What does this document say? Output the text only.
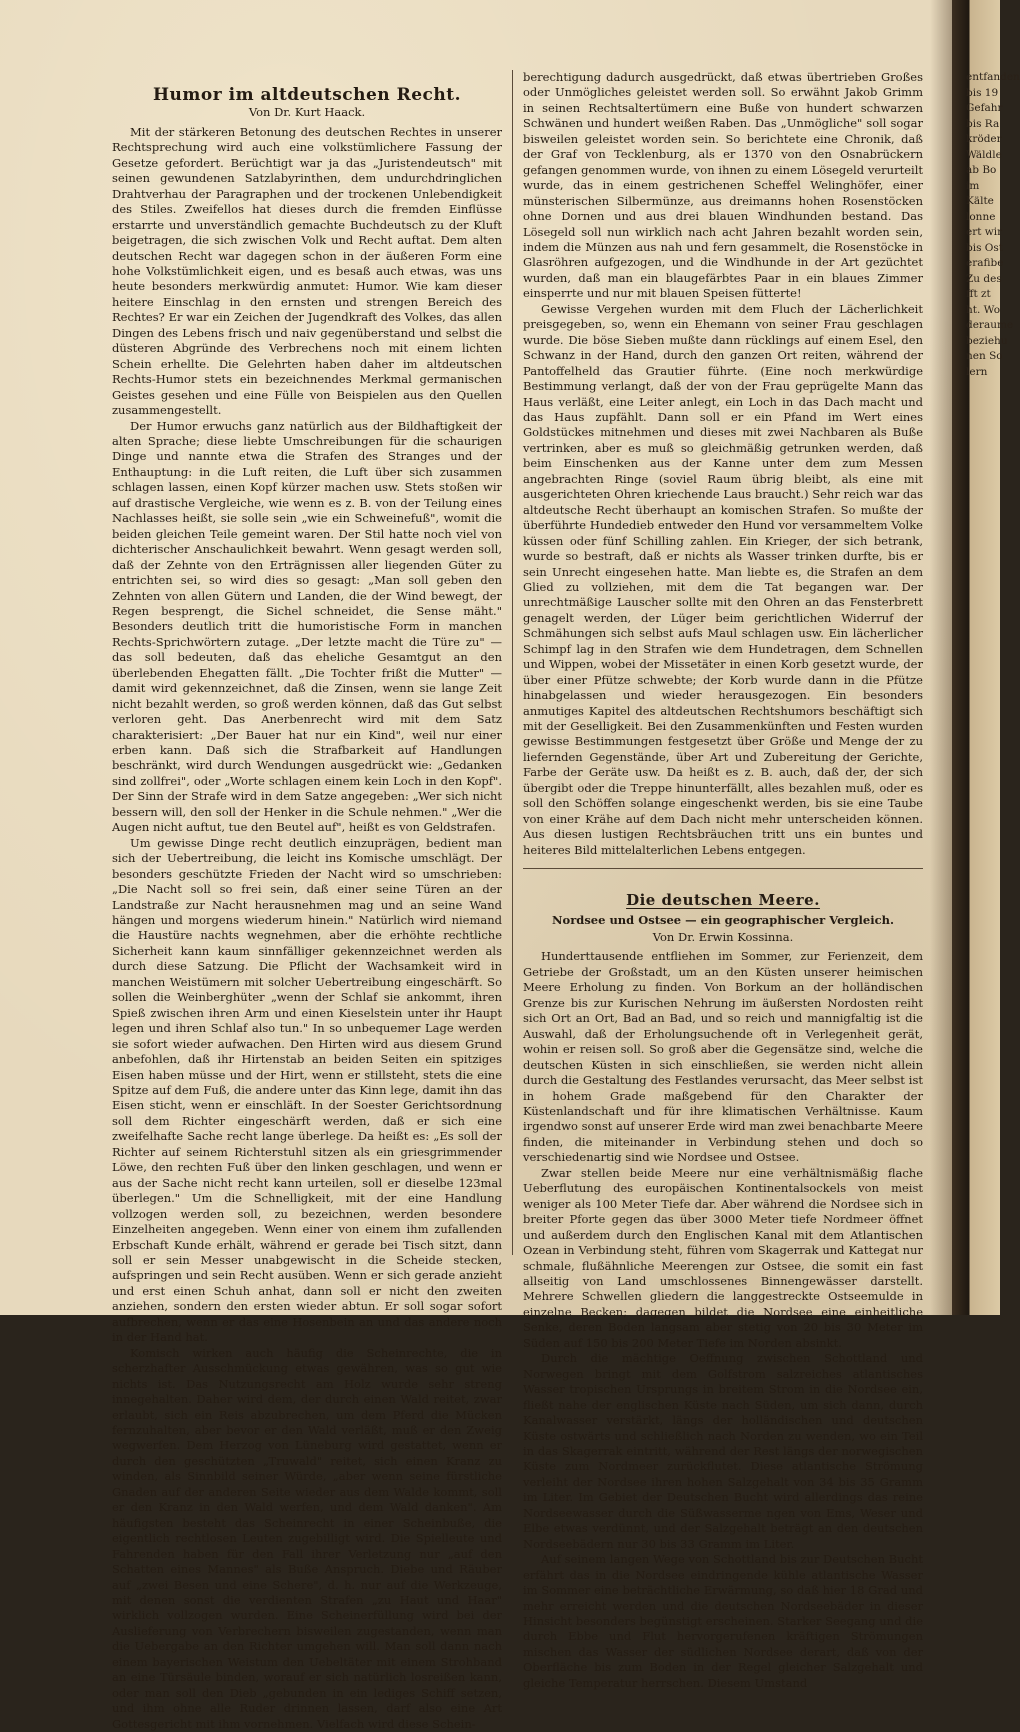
Humor im altdeutschen Recht.
Von Dr. Kurt Haack.

Mit der stärkeren Betonung des deutschen Rechtes in unserer Rechtsprechung wird auch eine volkstümlichere Fassung der Gesetze gefordert. Berüchtigt war ja das „Juristendeutsch" mit seinen gewundenen Satzlabyrinthen, dem undurchdringlichen Drahtverhau der Paragraphen und der trockenen Unlebendigkeit des Stiles. Zweifellos hat dieses durch die fremden Einflüsse erstarrte und unverständlich gemachte Buchdeutsch zu der Kluft beigetragen, die sich zwischen Volk und Recht auftat. Dem alten deutschen Recht war dagegen schon in der äußeren Form eine hohe Volkstümlichkeit eigen, und es besaß auch etwas, was uns heute besonders merkwürdig anmutet: Humor. Wie kam dieser heitere Einschlag in den ernsten und strengen Bereich des Rechtes? Er war ein Zeichen der Jugendkraft des Volkes, das allen Dingen des Lebens frisch und naiv gegenüberstand und selbst die düsteren Abgründe des Verbrechens noch mit einem lichten Schein erhellte. Die Gelehrten haben daher im altdeutschen Rechts-Humor stets ein bezeichnendes Merkmal germanischen Geistes gesehen und eine Fülle von Beispielen aus den Quellen zusammengestellt.

Der Humor erwuchs ganz natürlich aus der Bildhaftigkeit der alten Sprache; diese liebte Umschreibungen für die schaurigen Dinge und nannte etwa die Strafen des Stranges und der Enthauptung: in die Luft reiten, die Luft über sich zusammen schlagen lassen, einen Kopf kürzer machen usw. Stets stoßen wir auf drastische Vergleiche, wie wenn es z. B. von der Teilung eines Nachlasses heißt, sie solle sein „wie ein Schweinefuß", womit die beiden gleichen Teile gemeint waren. Der Stil hatte noch viel von dichterischer Anschaulichkeit bewahrt. Wenn gesagt werden soll, daß der Zehnte von den Erträgnissen aller liegenden Güter zu entrichten sei, so wird dies so gesagt: „Man soll geben den Zehnten von allen Gütern und Landen, die der Wind bewegt, der Regen besprengt, die Sichel schneidet, die Sense mäht." Besonders deutlich tritt die humoristische Form in manchen Rechts-Sprichwörtern zutage. „Der letzte macht die Türe zu" — das soll bedeuten, daß das eheliche Gesamtgut an den überlebenden Ehegatten fällt. „Die Tochter frißt die Mutter" — damit wird gekennzeichnet, daß die Zinsen, wenn sie lange Zeit nicht bezahlt werden, so groß werden können, daß das Gut selbst verloren geht. Das Anerbenrecht wird mit dem Satz charakterisiert: „Der Bauer hat nur ein Kind", weil nur einer erben kann. Daß sich die Strafbarkeit auf Handlungen beschränkt, wird durch Wendungen ausgedrückt wie: „Gedanken sind zollfrei", oder „Worte schlagen einem kein Loch in den Kopf". Der Sinn der Strafe wird in dem Satze angegeben: „Wer sich nicht bessern will, den soll der Henker in die Schule nehmen." „Wer die Augen nicht auftut, tue den Beutel auf", heißt es von Geldstrafen.

Um gewisse Dinge recht deutlich einzuprägen, bedient man sich der Uebertreibung, die leicht ins Komische umschlägt. Der besonders geschützte Frieden der Nacht wird so umschrieben: „Die Nacht soll so frei sein, daß einer seine Türen an der Landstraße zur Nacht herausnehmen mag und an seine Wand hängen und morgens wiederum hinein." Natürlich wird niemand die Haustüre nachts wegnehmen, aber die erhöhte rechtliche Sicherheit kann kaum sinnfälliger gekennzeichnet werden als durch diese Satzung. Die Pflicht der Wachsamkeit wird in manchen Weistümern mit solcher Uebertreibung eingeschärft. So sollen die Weinberghüter „wenn der Schlaf sie ankommt, ihren Spieß zwischen ihren Arm und einen Kieselstein unter ihr Haupt legen und ihren Schlaf also tun." In so unbequemer Lage werden sie sofort wieder aufwachen. Den Hirten wird aus diesem Grund anbefohlen, daß ihr Hirtenstab an beiden Seiten ein spitziges Eisen haben müsse und der Hirt, wenn er stillsteht, stets die eine Spitze auf dem Fuß, die andere unter das Kinn lege, damit ihn das Eisen sticht, wenn er einschläft. In der Soester Gerichtsordnung soll dem Richter eingeschärft werden, daß er sich eine zweifelhafte Sache recht lange überlege. Da heißt es: „Es soll der Richter auf seinem Richterstuhl sitzen als ein griesgrimmender Löwe, den rechten Fuß über den linken geschlagen, und wenn er aus der Sache nicht recht kann urteilen, soll er dieselbe 123mal überlegen." Um die Schnelligkeit, mit der eine Handlung vollzogen werden soll, zu bezeichnen, werden besondere Einzelheiten angegeben. Wenn einer von einem ihm zufallenden Erbschaft Kunde erhält, während er gerade bei Tisch sitzt, dann soll er sein Messer unabgewischt in die Scheide stecken, aufspringen und sein Recht ausüben. Wenn er sich gerade anzieht und erst einen Schuh anhat, dann soll er nicht den zweiten anziehen, sondern den ersten wieder abtun. Er soll sogar sofort aufbrechen, wenn er das eine Hosenbein an und das andere noch in der Hand hat.

Komisch wirken auch häufig die Scheinrechte, die in scherzhafter Ausschmückung etwas gewähren, was so gut wie nichts ist. Das Nutzungsrecht am Holz wurde sehr streng innegehalten. Daher wird dem, der durch einen Wald reitet, zwar erlaubt, sich ein Reis abzubrechen, um dem Pferd die Mücken fernzuhalten, aber bevor er den Wald verläßt, muß er den Zweig wegwerfen. Dem Herzog von Lüneburg wird gestattet, wenn er durch den geschützten „Truwald" reitet, sich einen Kranz zu winden, als Sinnbild seiner Würde, „aber wenn seine fürstliche Gnaden auf der anderen Seite wieder aus dem Walde kommt, soll er den Kranz in den Wald werfen, und dem Wald danken". Am häufigsten besteht das Scheinrecht in einer Scheinbuße, die eigentlich rechtlosen Leuten zugebilligt wird. Die Spielleute und Fahrenden haben für den Fall ihrer Verletzung nur „auf den Schatten eines Mannes" als Buße Anspruch. Diebe und Räuber auf „zwei Besen und eine Schere", d. h. nur auf die Werkzeuge, mit denen sonst die verdienten Strafen „zu Haut und Haar" wirklich vollzogen wurden. Eine Scheinerfüllung wird bei der Auslieferung von Verbrechern bisweilen zugestanden, wenn man die Uebergabe an den Richter umgehen will. Man soll dann nach einem bayerischen Weistum den Uebeltäter mit einem Strohband an eine Türsäule binden, worauf er sich natürlich losreißen kann, oder man soll den Dieb „gebunden in ein lediges Schiff setzen, und ihm ohne alle Ruder drinnen lassen, darf also eine Art Gottesgericht mit ihm vornehmen. Vielfach wird diese Schein-

berechtigung dadurch ausgedrückt, daß etwas übertrieben Großes oder Unmögliches geleistet werden soll. So erwähnt Jakob Grimm in seinen Rechtsaltertümern eine Buße von hundert schwarzen Schwänen und hundert weißen Raben. Das „Unmögliche" soll sogar bisweilen geleistet worden sein. So berichtete eine Chronik, daß der Graf von Tecklenburg, als er 1370 von den Osnabrückern gefangen genommen wurde, von ihnen zu einem Lösegeld verurteilt wurde, das in einem gestrichenen Scheffel Welinghöfer, einer münsterischen Silbermünze, aus dreimanns hohen Rosenstöcken ohne Dornen und aus drei blauen Windhunden bestand. Das Lösegeld soll nun wirklich nach acht Jahren bezahlt worden sein, indem die Münzen aus nah und fern gesammelt, die Rosenstöcke in Glasröhren aufgezogen, und die Windhunde in der Art gezüchtet wurden, daß man ein blaugefärbtes Paar in ein blaues Zimmer einsperrte und nur mit blauen Speisen fütterte!

Gewisse Vergehen wurden mit dem Fluch der Lächerlichkeit preisgegeben, so, wenn ein Ehemann von seiner Frau geschlagen wurde. Die böse Sieben mußte dann rücklings auf einem Esel, den Schwanz in der Hand, durch den ganzen Ort reiten, während der Pantoffelheld das Grautier führte. (Eine noch merkwürdige Bestimmung verlangt, daß der von der Frau geprügelte Mann das Haus verläßt, eine Leiter anlegt, ein Loch in das Dach macht und das Haus zupfählt. Dann soll er ein Pfand im Wert eines Goldstückes mitnehmen und dieses mit zwei Nachbaren als Buße vertrinken, aber es muß so gleichmäßig getrunken werden, daß beim Einschenken aus der Kanne unter dem zum Messen angebrachten Ringe (soviel Raum übrig bleibt, als eine mit ausgerichteten Ohren kriechende Laus braucht.) Sehr reich war das altdeutsche Recht überhaupt an komischen Strafen. So mußte der überführte Hundedieb entweder den Hund vor versammeltem Volke küssen oder fünf Schilling zahlen. Ein Krieger, der sich betrank, wurde so bestraft, daß er nichts als Wasser trinken durfte, bis er sein Unrecht eingesehen hatte. Man liebte es, die Strafen an dem Glied zu vollziehen, mit dem die Tat begangen war. Der unrechtmäßige Lauscher sollte mit den Ohren an das Fensterbrett genagelt werden, der Lüger beim gerichtlichen Widerruf der Schmähungen sich selbst aufs Maul schlagen usw. Ein lächerlicher Schimpf lag in den Strafen wie dem Hundetragen, dem Schnellen und Wippen, wobei der Missetäter in einen Korb gesetzt wurde, der über einer Pfütze schwebte; der Korb wurde dann in die Pfütze hinabgelassen und wieder herausgezogen. Ein besonders anmutiges Kapitel des altdeutschen Rechtshumors beschäftigt sich mit der Geselligkeit. Bei den Zusammenkünften und Festen wurden gewisse Bestimmungen festgesetzt über Größe und Menge der zu liefernden Gegenstände, über Art und Zubereitung der Gerichte, Farbe der Geräte usw. Da heißt es z. B. auch, daß der, der sich übergibt oder die Treppe hinunterfällt, alles bezahlen muß, oder es soll den Schöffen solange eingeschenkt werden, bis sie eine Taube von einer Krähe auf dem Dach nicht mehr unterscheiden können. Aus diesen lustigen Rechtsbräuchen tritt uns ein buntes und heiteres Bild mittelalterlichen Lebens entgegen.

Die deutschen Meere.
Nordsee und Ostsee — ein geographischer Vergleich.
Von Dr. Erwin Kossinna.

Hunderttausende entfliehen im Sommer, zur Ferienzeit, dem Getriebe der Großstadt, um an den Küsten unserer heimischen Meere Erholung zu finden. Von Borkum an der holländischen Grenze bis zur Kurischen Nehrung im äußersten Nordosten reiht sich Ort an Ort, Bad an Bad, und so reich und mannigfaltig ist die Auswahl, daß der Erholungsuchende oft in Verlegenheit gerät, wohin er reisen soll. So groß aber die Gegensätze sind, welche die deutschen Küsten in sich einschließen, sie werden nicht allein durch die Gestaltung des Festlandes verursacht, das Meer selbst ist in hohem Grade maßgebend für den Charakter der Küstenlandschaft und für ihre klimatischen Verhältnisse. Kaum irgendwo sonst auf unserer Erde wird man zwei benachbarte Meere finden, die miteinander in Verbindung stehen und doch so verschiedenartig sind wie Nordsee und Ostsee.

Zwar stellen beide Meere nur eine verhältnismäßig flache Ueberflutung des europäischen Kontinentalsockels von meist weniger als 100 Meter Tiefe dar. Aber während die Nordsee sich in breiter Pforte gegen das über 3000 Meter tiefe Nordmeer öffnet und außerdem durch den Englischen Kanal mit dem Atlantischen Ozean in Verbindung steht, führen vom Skagerrak und Kattegat nur schmale, flußähnliche Meerengen zur Ostsee, die somit ein fast allseitig von Land umschlossenes Binnengewässer darstellt. Mehrere Schwellen gliedern die langgestreckte Ostseemulde in einzelne Becken; dagegen bildet die Nordsee eine einheitliche Senke, deren Boden langsam aber stetig von 20 bis 30 Meter im Süden auf 150 bis 200 Meter Tiefe im Norden absinkt.

Durch die mächtige Oeffnung zwischen Schottland und Norwegen bringt mit dem Golfstrom salzreiches atlantisches Wasser tropischen Ursprungs in breitem Strom in die Nordsee ein, fließt nahe der englischen Küste nach Süden, um sich dann, durch Kanalwasser verstärkt, längs der holländischen und deutschen Küste ostwärts und schließlich nach Norden zu wenden, wo ein Teil in das Skagerrak eintritt, während der Rest längs der norwegischen Küste zum Nordmeer zurückflutet. Diese atlantische Strömung verleiht der Nordsee ihren hohen Salzgehalt von 34 bis 35 Gramm im Liter. Im Gebiet der Deutschen Bucht wird allerdings das reine Nordseewasser durch die Süßwasserme ngen von Ems, Weser und Elbe etwas verdünnt, und der Salzgehalt beträgt an den deutschen Nordseebädern nur 30 bis 33 Gramm im Liter.

Auf seinem langen Wege von Schottland bis zur Deutschen Bucht erfährt das in die Nordsee eindringende kühle atlantische Wasser im Sommer eine beträchtliche Erwärmung, so daß hier 18 Grad und mehr erreicht werden und die deutschen Nordseebäder in dieser Hinsicht besonders begünstigt erscheinen. Starker Seegang und die durch Ebbe und Flut hervorgerufenen kräftigen Strömungen mischen das Wasser der südlichen Nordsee derart, daß von der Oberfläche bis zum Boden in der Regel gleicher Salzgehalt und gleiche Temperatur herrschen. Diesem Umstand

entfanden
bis 19
Gefahr
bis Ra
kröder
Wäldle
ab Bo
im
Kälte
lonne
ert wir
bis Ost
erafibe
Zu des
fft zt
ht. Wo
deraume
beziehu
nen So
lern
